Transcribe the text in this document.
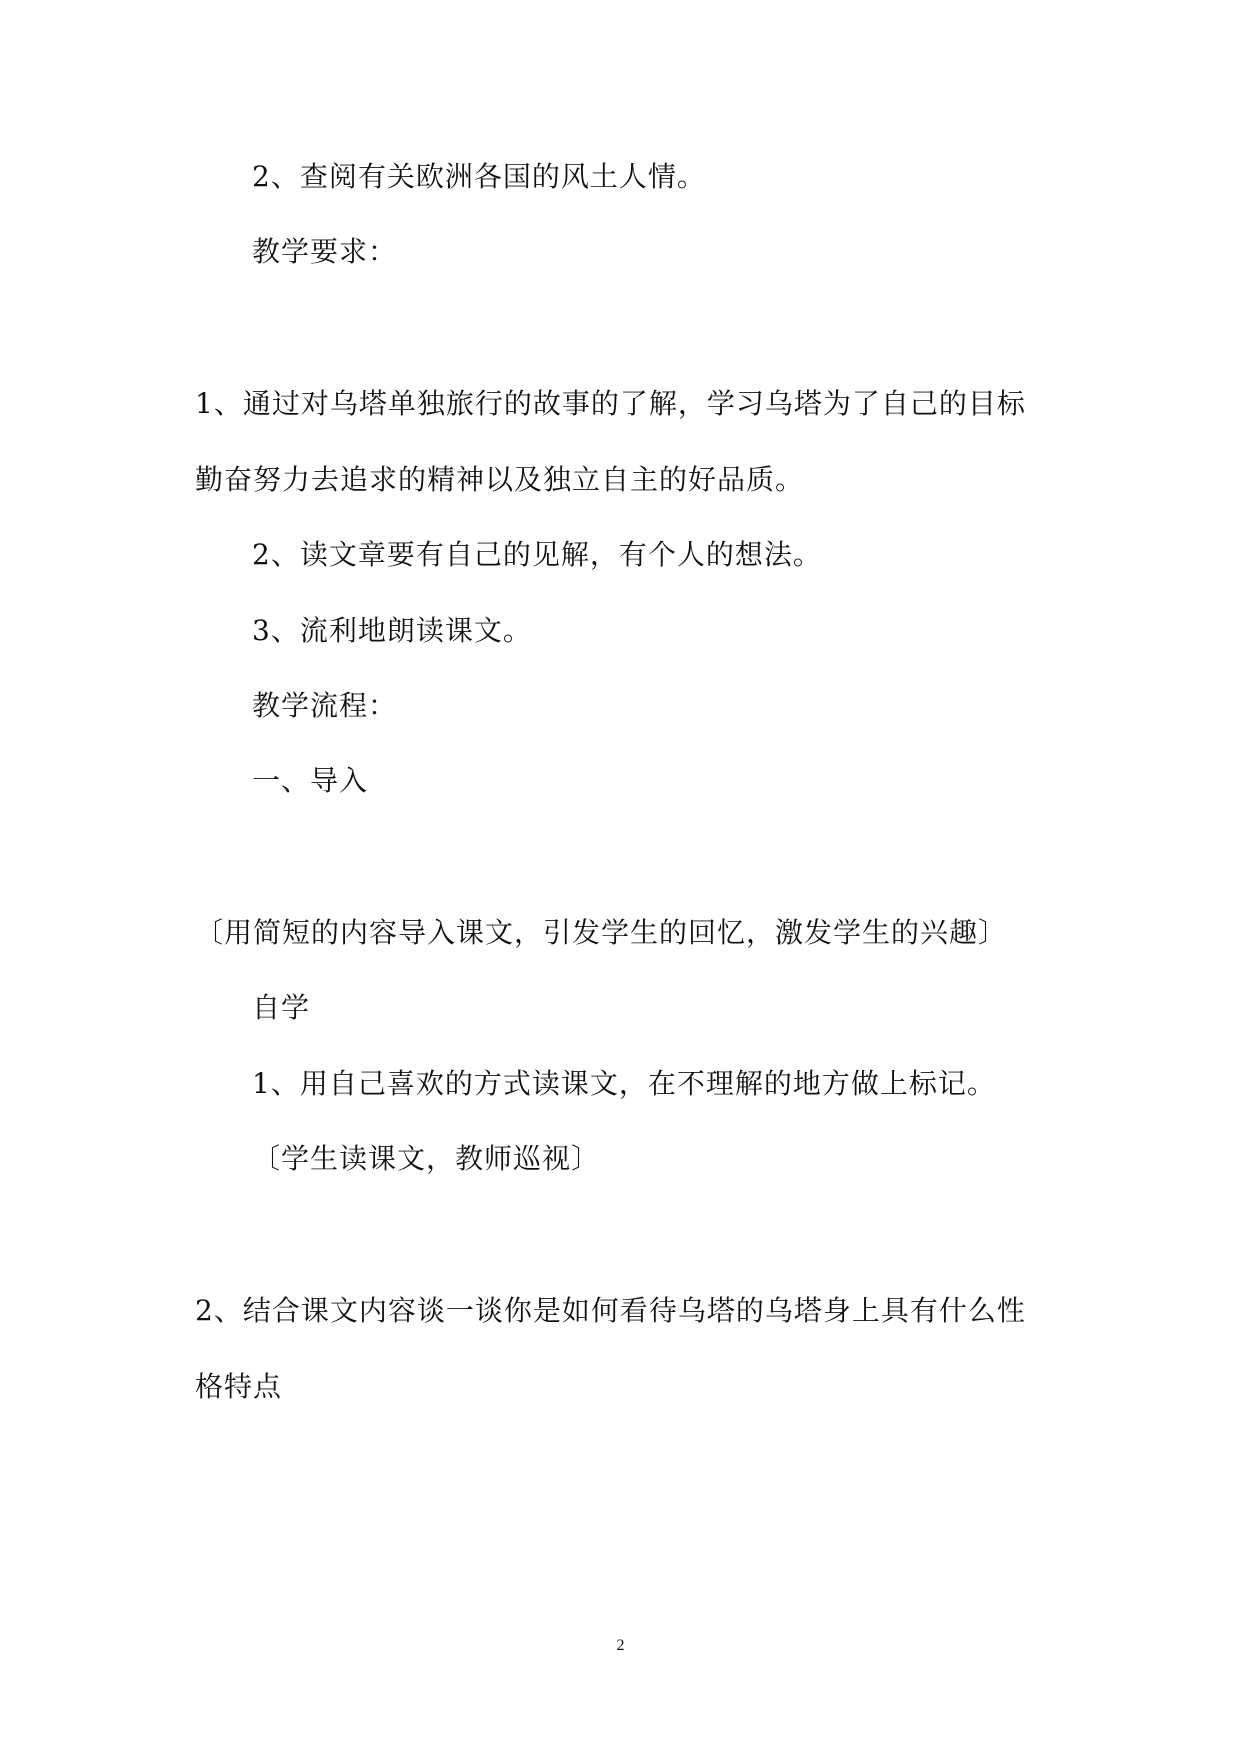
2、查阅有关欧洲各国的风土人情。
教学要求：
1、通过对乌塔单独旅行的故事的了解，学习乌塔为了自己的目标
勤奋努力去追求的精神以及独立自主的好品质。
2、读文章要有自己的见解，有个人的想法。
3、流利地朗读课文。
教学流程：
一、导入
〔用简短的内容导入课文，引发学生的回忆，激发学生的兴趣〕
自学
1、用自己喜欢的方式读课文，在不理解的地方做上标记。
〔学生读课文，教师巡视〕
2、结合课文内容谈一谈你是如何看待乌塔的乌塔身上具有什么性
格特点
2
